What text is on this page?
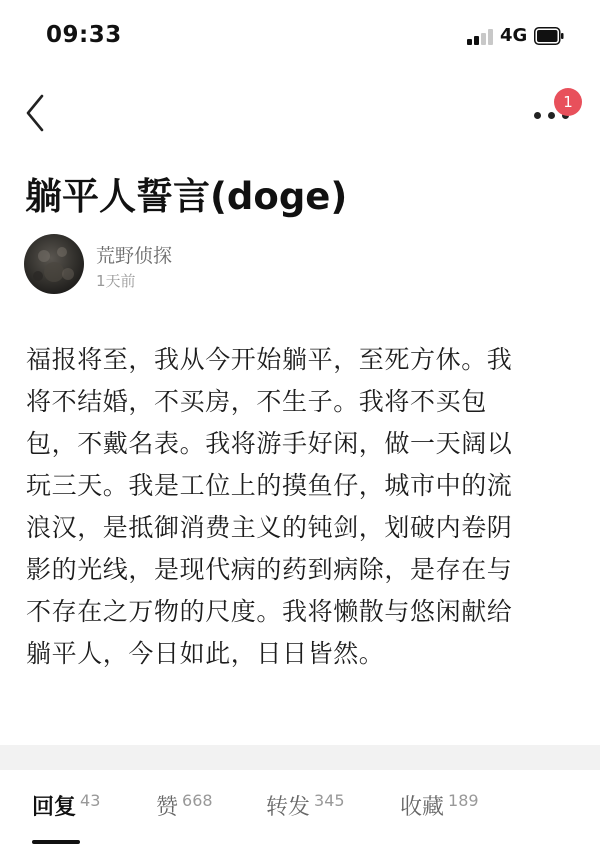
09:33	4G
1
躺平人誓言(doge)
荒野侦探
1天前
福报将至，我从今开始躺平，至死方休。我
将不结婚，不买房，不生子。我将不买包
包，不戴名表。我将游手好闲，做一天阔以
玩三天。我是工位上的摸鱼仔，城市中的流
浪汉，是抵御消费主义的钝剑，划破内卷阴
影的光线，是现代病的药到病除，是存在与
不存在之万物的尺度。我将懒散与悠闲献给
躺平人，今日如此，日日皆然。
回复 43	赞 668 转发 345	收藏 189
